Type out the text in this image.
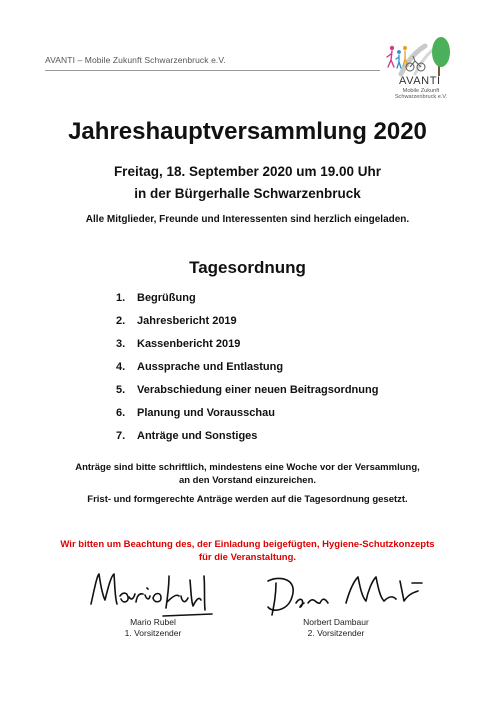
AVANTI – Mobile Zukunft Schwarzenbruck e.V.
AVANTI
Mobile Zukunft Schwarzenbruck e.V.
Jahreshauptversammlung 2020
Freitag, 18. September 2020 um 19.00 Uhr
in der Bürgerhalle Schwarzenbruck
Alle Mitglieder, Freunde und Interessenten sind herzlich eingeladen.
Tagesordnung
1. Begrüßung
2. Jahresbericht 2019
3. Kassenbericht 2019
4. Aussprache und Entlastung
5. Verabschiedung einer neuen Beitragsordnung
6. Planung und Vorausschau
7. Anträge und Sonstiges
Anträge sind bitte schriftlich, mindestens eine Woche vor der Versammlung,
an den Vorstand einzureichen.
Frist- und formgerechte Anträge werden auf die Tagesordnung gesetzt.
Wir bitten um Beachtung des, der Einladung beigefügten, Hygiene-Schutzkonzepts
für die Veranstaltung.
Mario Rubel
1. Vorsitzender
Norbert Dambaur
2. Vorsitzender
